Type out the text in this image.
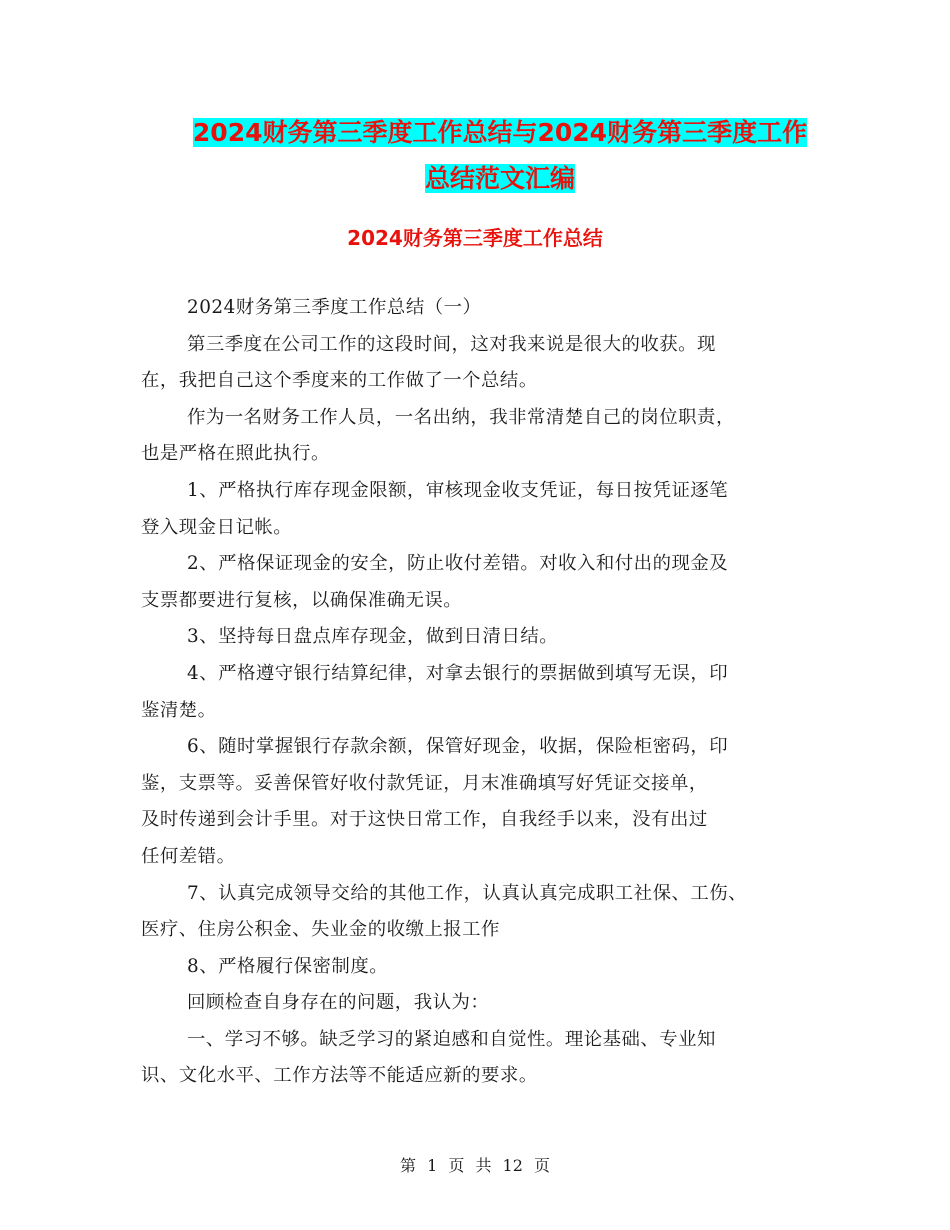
2024财务第三季度工作总结与2024财务第三季度工作
总结范文汇编
2024财务第三季度工作总结
2024财务第三季度工作总结（一）
第三季度在公司工作的这段时间，这对我来说是很大的收获。现
在，我把自己这个季度来的工作做了一个总结。
作为一名财务工作人员，一名出纳，我非常清楚自己的岗位职责，
也是严格在照此执行。
1、严格执行库存现金限额，审核现金收支凭证，每日按凭证逐笔
登入现金日记帐。
2、严格保证现金的安全，防止收付差错。对收入和付出的现金及
支票都要进行复核，以确保准确无误。
3、坚持每日盘点库存现金，做到日清日结。
4、严格遵守银行结算纪律，对拿去银行的票据做到填写无误，印
鉴清楚。
6、随时掌握银行存款余额，保管好现金，收据，保险柜密码，印
鉴，支票等。妥善保管好收付款凭证，月末准确填写好凭证交接单，
及时传递到会计手里。对于这快日常工作，自我经手以来，没有出过
任何差错。
7、认真完成领导交给的其他工作，认真认真完成职工社保、工伤、
医疗、住房公积金、失业金的收缴上报工作
8、严格履行保密制度。
回顾检查自身存在的问题，我认为：
一、学习不够。缺乏学习的紧迫感和自觉性。理论基础、专业知
识、文化水平、工作方法等不能适应新的要求。
第 1 页 共 12 页
